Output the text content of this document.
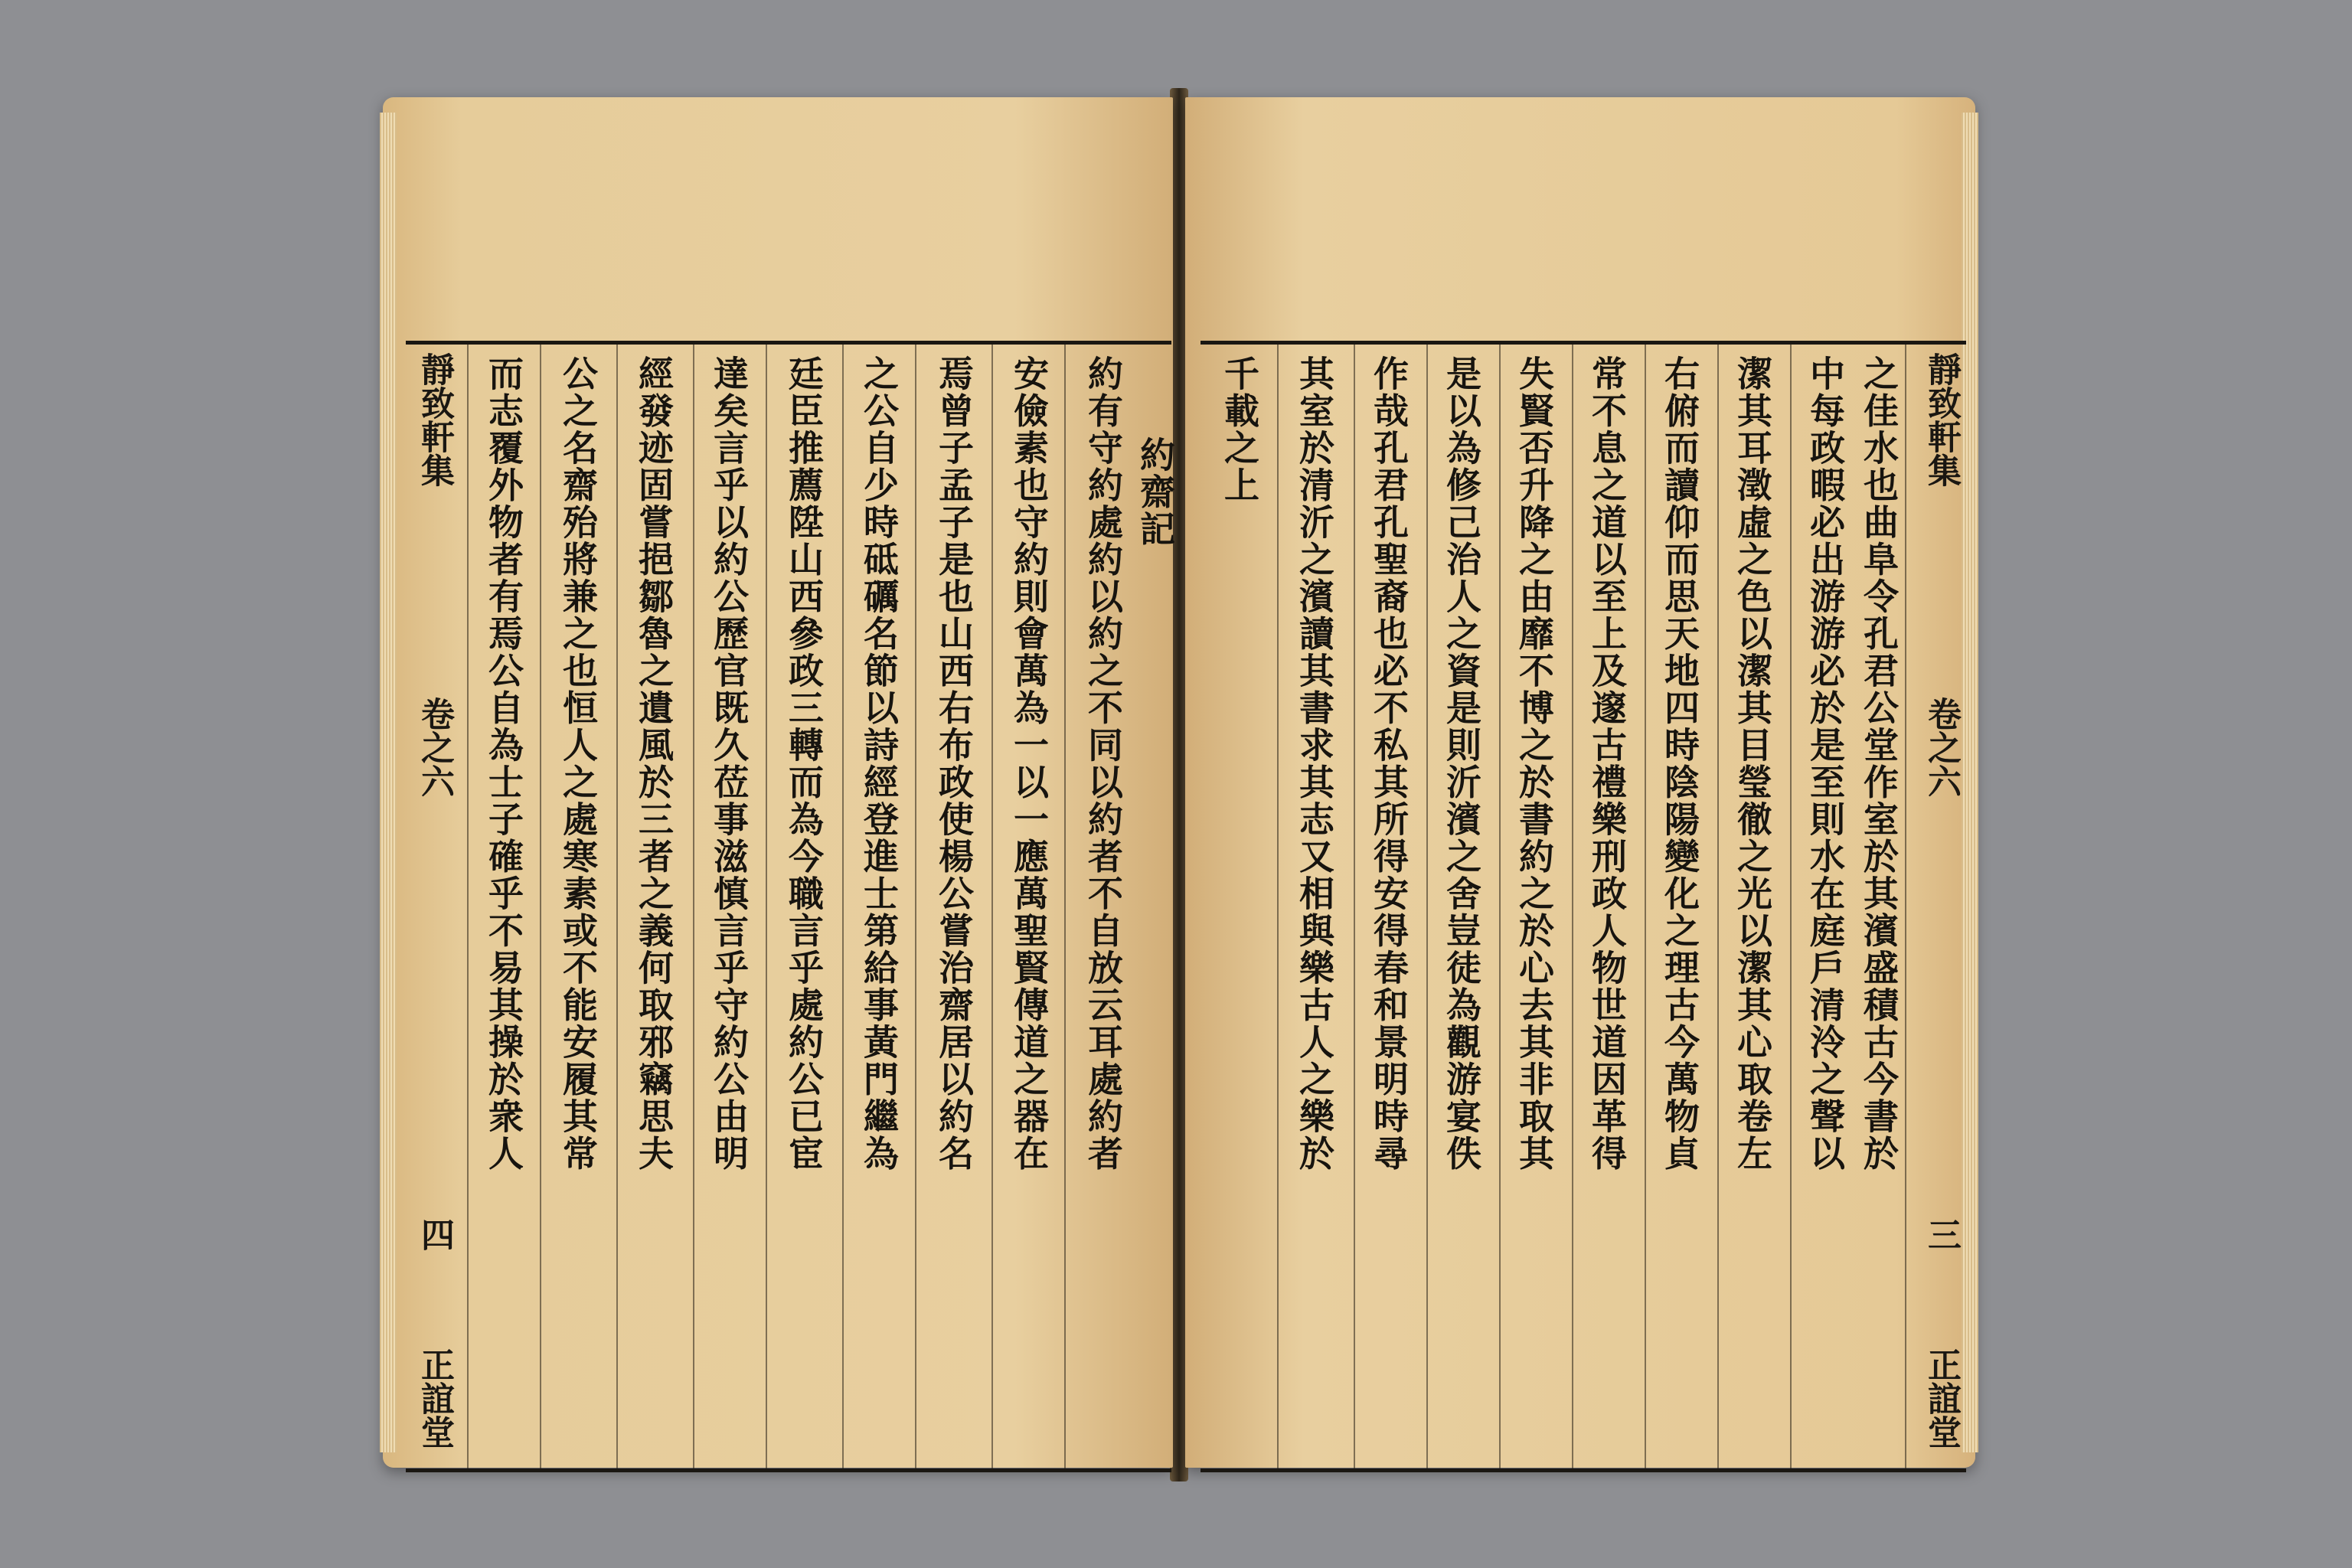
靜致軒集
卷之六
四
正誼堂
而志覆外物者有焉公自為士子確乎不易其操於衆人 公之名齋殆將兼之也恒人之處寒素或不能安履其常 經發迹固嘗挹鄒魯之遺風於三者之義何取邪竊思夫 達矣言乎以約公歷官既久莅事滋慎言乎守約公由明 廷臣推薦陞山西參政三轉而為今職言乎處約公已宦 之公自少時砥礪名節以詩經登進士第給事黃門繼為 焉曾子孟子是也山西右布政使楊公嘗治齋居以約名 安儉素也守約則會萬為一以一應萬聖賢傳道之器在 約有守約處約以約之不同以約者不自放云耳處約者 約齋記 千載之上 其室於清沂之濱讀其書求其志又相與樂古人之樂於 作哉孔君孔聖裔也必不私其所得安得春和景明時尋 是以為修己治人之資是則沂濱之舍豈徒為觀游宴佚 失賢否升降之由靡不博之於書約之於心去其非取其 常不息之道以至上及邃古禮樂刑政人物世道因革得 右俯而讀仰而思天地四時陰陽變化之理古今萬物貞 潔其耳澂虛之色以潔其目瑩徹之光以潔其心取卷左 中每政暇必出游游必於是至則水在庭戶清泠之聲以 之佳水也曲阜令孔君公堂作室於其濱盛積古今書於 靜致軒集
卷之六
三
正誼堂
